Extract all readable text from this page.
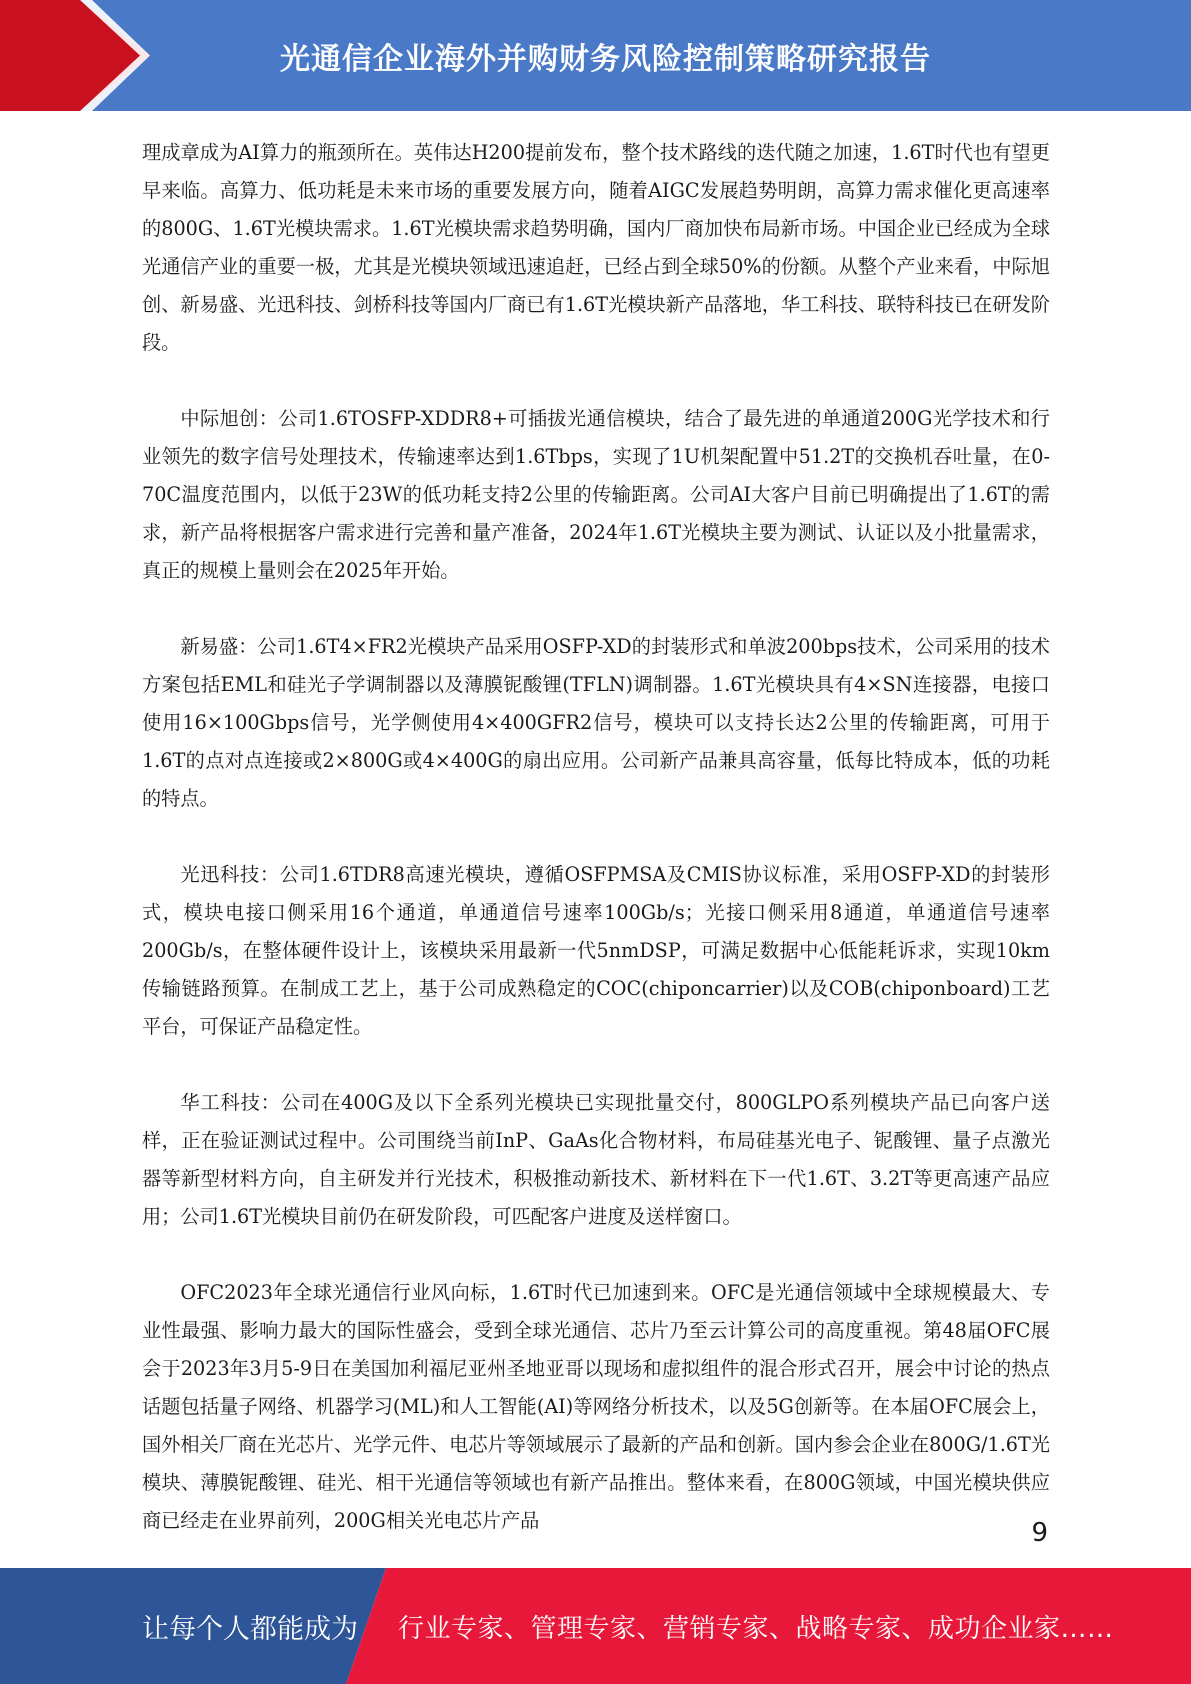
光通信企业海外并购财务风险控制策略研究报告

理成章成为AI算力的瓶颈所在。英伟达H200提前发布，整个技术路线的迭代随之加速，1.6T时代也有望更早来临。高算力、低功耗是未来市场的重要发展方向，随着AIGC发展趋势明朗，高算力需求催化更高速率的800G、1.6T光模块需求。1.6T光模块需求趋势明确，国内厂商加快布局新市场。中国企业已经成为全球光通信产业的重要一极，尤其是光模块领域迅速追赶，已经占到全球50%的份额。从整个产业来看，中际旭创、新易盛、光迅科技、剑桥科技等国内厂商已有1.6T光模块新产品落地，华工科技、联特科技已在研发阶段。

中际旭创：公司1.6TOSFP-XDDR8+可插拔光通信模块，结合了最先进的单通道200G光学技术和行业领先的数字信号处理技术，传输速率达到1.6Tbps，实现了1U机架配置中51.2T的交换机吞吐量，在0-70C温度范围内，以低于23W的低功耗支持2公里的传输距离。公司AI大客户目前已明确提出了1.6T的需求，新产品将根据客户需求进行完善和量产准备，2024年1.6T光模块主要为测试、认证以及小批量需求，真正的规模上量则会在2025年开始。

新易盛：公司1.6T4×FR2光模块产品采用OSFP-XD的封装形式和单波200bps技术，公司采用的技术方案包括EML和硅光子学调制器以及薄膜铌酸锂(TFLN)调制器。1.6T光模块具有4×SN连接器，电接口使用16×100Gbps信号，光学侧使用4×400GFR2信号，模块可以支持长达2公里的传输距离，可用于1.6T的点对点连接或2×800G或4×400G的扇出应用。公司新产品兼具高容量，低每比特成本，低的功耗的特点。

光迅科技：公司1.6TDR8高速光模块，遵循OSFPMSA及CMIS协议标准，采用OSFP-XD的封装形式，模块电接口侧采用16个通道，单通道信号速率100Gb/s；光接口侧采用8通道，单通道信号速率200Gb/s，在整体硬件设计上，该模块采用最新一代5nmDSP，可满足数据中心低能耗诉求，实现10km传输链路预算。在制成工艺上，基于公司成熟稳定的COC(chiponcarrier)以及COB(chiponboard)工艺平台，可保证产品稳定性。

华工科技：公司在400G及以下全系列光模块已实现批量交付，800GLPO系列模块产品已向客户送样，正在验证测试过程中。公司围绕当前InP、GaAs化合物材料，布局硅基光电子、铌酸锂、量子点激光器等新型材料方向，自主研发并行光技术，积极推动新技术、新材料在下一代1.6T、3.2T等更高速产品应用；公司1.6T光模块目前仍在研发阶段，可匹配客户进度及送样窗口。

OFC2023年全球光通信行业风向标，1.6T时代已加速到来。OFC是光通信领域中全球规模最大、专业性最强、影响力最大的国际性盛会，受到全球光通信、芯片乃至云计算公司的高度重视。第48届OFC展会于2023年3月5-9日在美国加利福尼亚州圣地亚哥以现场和虚拟组件的混合形式召开，展会中讨论的热点话题包括量子网络、机器学习(ML)和人工智能(AI)等网络分析技术，以及5G创新等。在本届OFC展会上，国外相关厂商在光芯片、光学元件、电芯片等领域展示了最新的产品和创新。国内参会企业在800G/1.6T光模块、薄膜铌酸锂、硅光、相干光通信等领域也有新产品推出。整体来看，在800G领域，中国光模块供应商已经走在业界前列，200G相关光电芯片产品	9
让每个人都能成为 行业专家、管理专家、营销专家、战略专家、成功企业家……
